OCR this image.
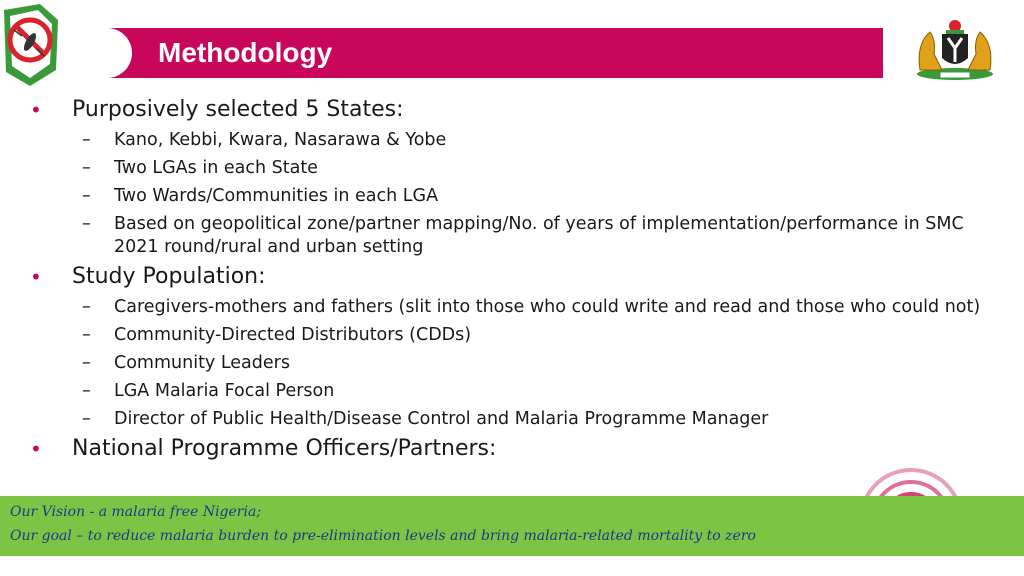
Methodology
• Purposively selected 5 States:
– Kano, Kebbi, Kwara, Nasarawa & Yobe
– Two LGAs in each State
– Two Wards/Communities in each LGA
– Based on geopolitical zone/partner mapping/No. of years of implementation/performance in SMC 2021 round/rural and urban setting
• Study Population:
– Caregivers-mothers and fathers (slit into those who could write and read and those who could not)
– Community-Directed Distributors (CDDs)
– Community Leaders
– LGA Malaria Focal Person
– Director of Public Health/Disease Control and Malaria Programme Manager
• National Programme Officers/Partners:
Our Vision - a malaria free Nigeria;
Our goal – to reduce malaria burden to pre-elimination levels and bring malaria-related mortality to zero
